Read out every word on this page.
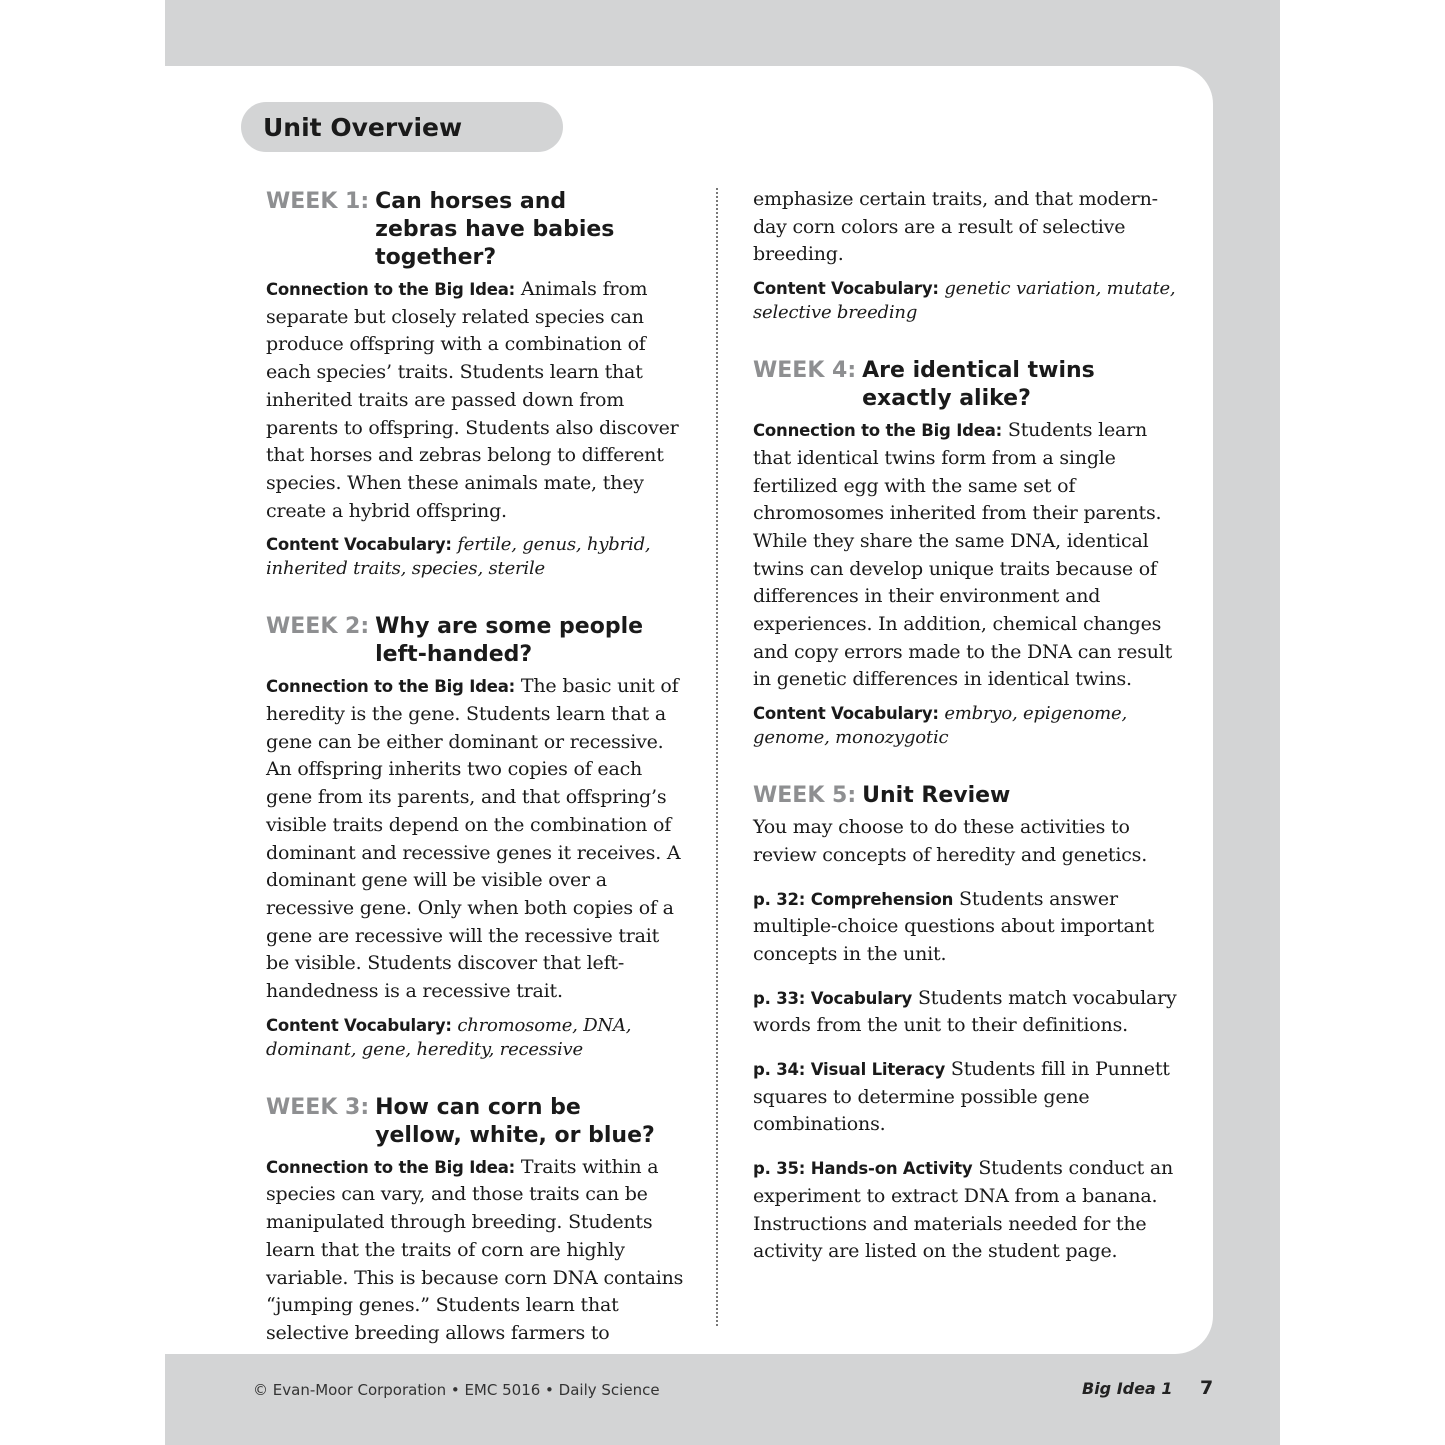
Unit Overview
WEEK 1: Can horses and zebras have babies together?

Connection to the Big Idea: Animals from separate but closely related species can produce offspring with a combination of each species’ traits. Students learn that inherited traits are passed down from parents to offspring. Students also discover that horses and zebras belong to different species. When these animals mate, they create a hybrid offspring.

Content Vocabulary: fertile, genus, hybrid, inherited traits, species, sterile

WEEK 2: Why are some people left-handed?

Connection to the Big Idea: The basic unit of heredity is the gene. Students learn that a gene can be either dominant or recessive. An offspring inherits two copies of each gene from its parents, and that offspring’s visible traits depend on the combination of dominant and recessive genes it receives. A dominant gene will be visible over a recessive gene. Only when both copies of a gene are recessive will the recessive trait be visible. Students discover that left-handedness is a recessive trait.

Content Vocabulary: chromosome, DNA, dominant, gene, heredity, recessive

WEEK 3: How can corn be yellow, white, or blue?

Connection to the Big Idea: Traits within a species can vary, and those traits can be manipulated through breeding. Students learn that the traits of corn are highly variable. This is because corn DNA contains “jumping genes.” Students learn that selective breeding allows farmers to

emphasize certain traits, and that modern-day corn colors are a result of selective breeding.

Content Vocabulary: genetic variation, mutate, selective breeding

WEEK 4: Are identical twins exactly alike?

Connection to the Big Idea: Students learn that identical twins form from a single fertilized egg with the same set of chromosomes inherited from their parents. While they share the same DNA, identical twins can develop unique traits because of differences in their environment and experiences. In addition, chemical changes and copy errors made to the DNA can result in genetic differences in identical twins.

Content Vocabulary: embryo, epigenome, genome, monozygotic

WEEK 5: Unit Review

You may choose to do these activities to review concepts of heredity and genetics.

p. 32: Comprehension Students answer multiple-choice questions about important concepts in the unit.

p. 33: Vocabulary Students match vocabulary words from the unit to their definitions.

p. 34: Visual Literacy Students fill in Punnett squares to determine possible gene combinations.

p. 35: Hands-on Activity Students conduct an experiment to extract DNA from a banana. Instructions and materials needed for the activity are listed on the student page.

© Evan-Moor Corporation • EMC 5016 • Daily Science	Big Idea 1 7
